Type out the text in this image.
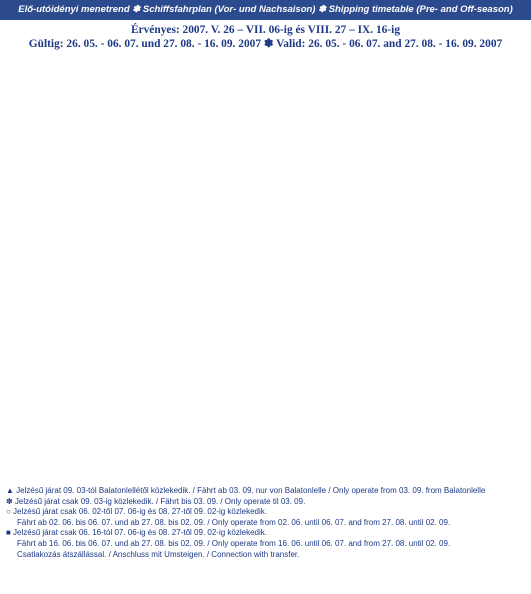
Elő-utóidényi menetrend ✽ Schiffsfahrplan (Vor- und Nachsaison) ✽ Shipping timetable (Pre- and Off-season)
Érvényes: 2007. V. 26 – VII. 06-ig és VIII. 27 – IX. 16-ig
Gültig: 26. 05. - 06. 07. und 27. 08. - 16. 09. 2007 ✽ Valid: 26. 05. - 06. 07. and 27. 08. - 16. 09. 2007
▲ Jelzésű járat 09. 03-tól Balatonlellétől közlekedik. / Fährt ab 03. 09. nur von Balatonlelle / Only operate from 03. 09. from Balatonlelle
✽ Jelzésű járat csak 09. 03-ig közlekedik. / Fährt bis 03. 09. / Only operate til 03. 09.
○ Jelzésű járat csak 06. 02-től 07. 06-ig és 08. 27-től 09. 02-ig közlekedik.
Fährt ab 02. 06. bis 06. 07. und ab 27. 08. bis 02. 09. / Only operate from 02. 06. until 06. 07. and from 27. 08. until 02. 09.
■ Jelzésű járat csak 06. 16-tól 07. 06-ig és 08. 27-től 09. 02-ig közlekedik.
Fährt ab 16. 06. bis 06. 07. und ab 27. 08. bis 02. 09. / Only operate from 16. 06. until 06. 07. and from 27. 08. until 02. 09.
Csatlakozás átszállással. / Anschluss mit Umsteigen. / Connection with transfer.
